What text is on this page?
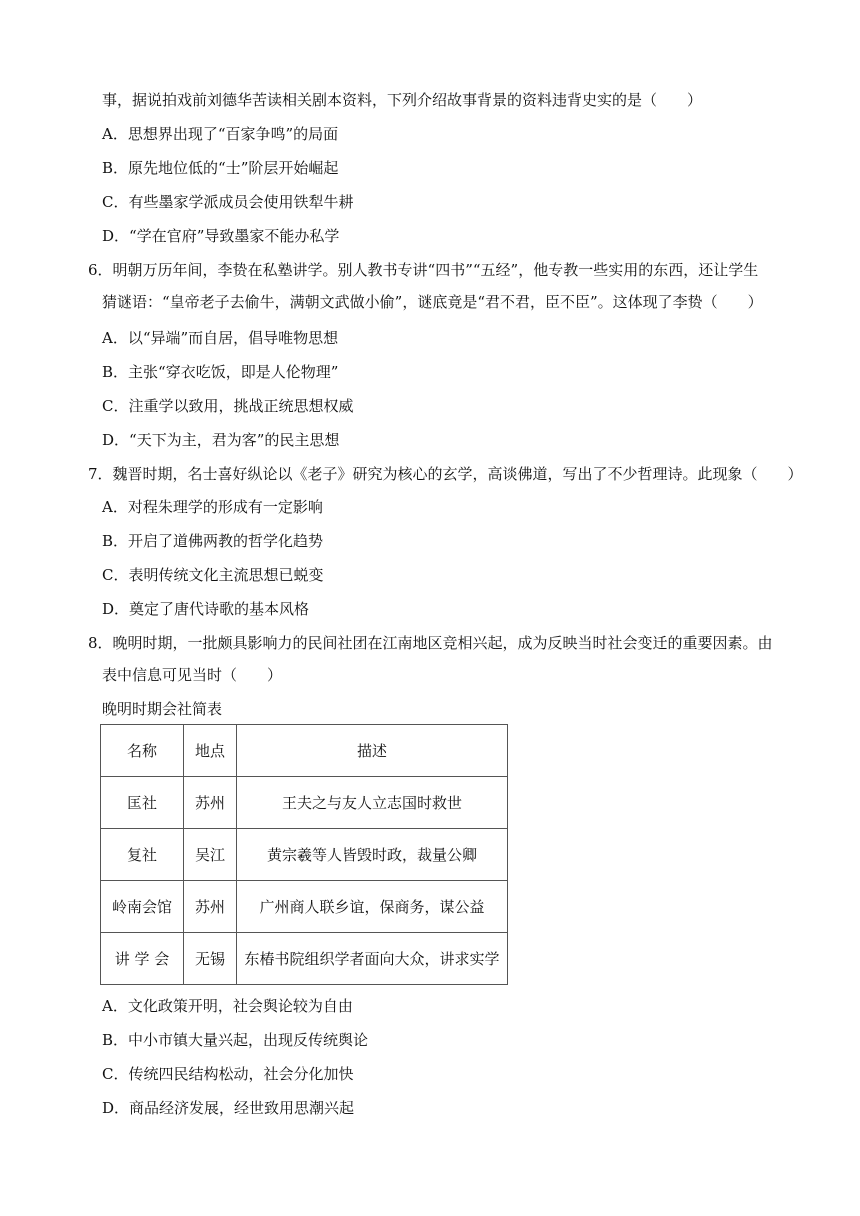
事，据说拍戏前刘德华苦读相关剧本资料，下列介绍故事背景的资料违背史实的是（　　）
A．思想界出现了“百家争鸣”的局面
B．原先地位低的“士”阶层开始崛起
C．有些墨家学派成员会使用铁犁牛耕
D．“学在官府”导致墨家不能办私学
6．明朝万历年间，李贽在私塾讲学。别人教书专讲“四书”“五经”，他专教一些实用的东西，还让学生
猜谜语：“皇帝老子去偷牛，满朝文武做小偷”，谜底竟是“君不君，臣不臣”。这体现了李贽（　　）
A．以“异端”而自居，倡导唯物思想
B．主张“穿衣吃饭，即是人伦物理”
C．注重学以致用，挑战正统思想权威
D．“天下为主，君为客”的民主思想
7．魏晋时期，名士喜好纵论以《老子》研究为核心的玄学，高谈佛道，写出了不少哲理诗。此现象（　　）
A．对程朱理学的形成有一定影响
B．开启了道佛两教的哲学化趋势
C．表明传统文化主流思想已蜕变
D．奠定了唐代诗歌的基本风格
8．晚明时期，一批颇具影响力的民间社团在江南地区竞相兴起，成为反映当时社会变迁的重要因素。由
表中信息可见当时（　　）
晚明时期会社简表
名称	地点	描述
匡社	苏州	王夫之与友人立志国时救世
复社	吴江	黄宗羲等人皆毁时政，裁量公卿
岭南会馆	苏州	广州商人联乡谊，保商务，谋公益
讲 学 会	无锡	东椿书院组织学者面向大众，讲求实学
A．文化政策开明，社会舆论较为自由
B．中小市镇大量兴起，出现反传统舆论
C．传统四民结构松动，社会分化加快
D．商品经济发展，经世致用思潮兴起
